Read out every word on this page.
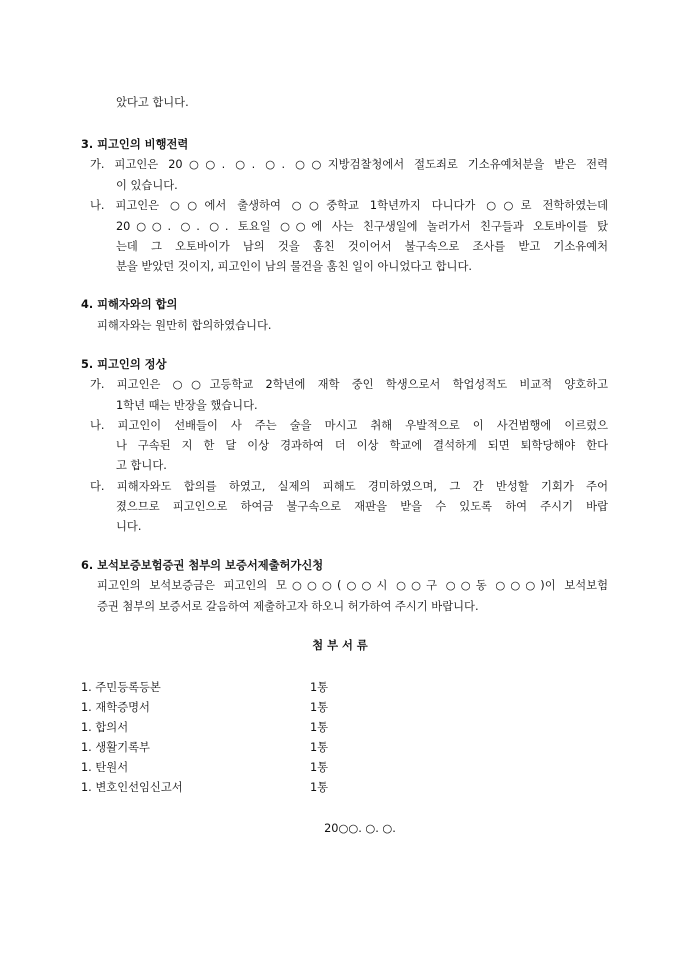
았다고 합니다.
3. 피고인의 비행전력
가. 피고인은 20○○. ○. ○. ○○지방검찰청에서 절도죄로 기소유예처분을 받은 전력
이 있습니다.
나. 피고인은 ○○에서 출생하여 ○○중학교 1학년까지 다니다가 ○○로 전학하였는데
20○○. ○. ○. 토요일 ○○에 사는 친구생일에 놀러가서 친구들과 오토바이를 탔
는데 그 오토바이가 남의 것을 훔친 것이어서 불구속으로 조사를 받고 기소유예처
분을 받았던 것이지, 피고인이 남의 물건을 훔친 일이 아니었다고 합니다.
4. 피해자와의 합의
피해자와는 원만히 합의하였습니다.
5. 피고인의 정상
가. 피고인은 ○○고등학교 2학년에 재학 중인 학생으로서 학업성적도 비교적 양호하고
1학년 때는 반장을 했습니다.
나. 피고인이 선배들이 사 주는 술을 마시고 취해 우발적으로 이 사건범행에 이르렀으
나 구속된 지 한 달 이상 경과하여 더 이상 학교에 결석하게 되면 퇴학당해야 한다
고 합니다.
다. 피해자와도 합의를 하였고, 실제의 피해도 경미하였으며, 그 간 반성할 기회가 주어
졌으므로 피고인으로 하여금 불구속으로 재판을 받을 수 있도록 하여 주시기 바랍
니다.
6. 보석보증보험증권 첨부의 보증서제출허가신청
피고인의 보석보증금은 피고인의 모○○○(○○시 ○○구 ○○동 ○○○)이 보석보험
증권 첨부의 보증서로 갈음하여 제출하고자 하오니 허가하여 주시기 바랍니다.
첨 부 서 류
1. 주민등록등본	1통
1. 재학증명서	1통
1. 합의서	1통
1. 생활기록부	1통
1. 탄원서	1통
1. 변호인선임신고서	1통
20○○. ○. ○.
